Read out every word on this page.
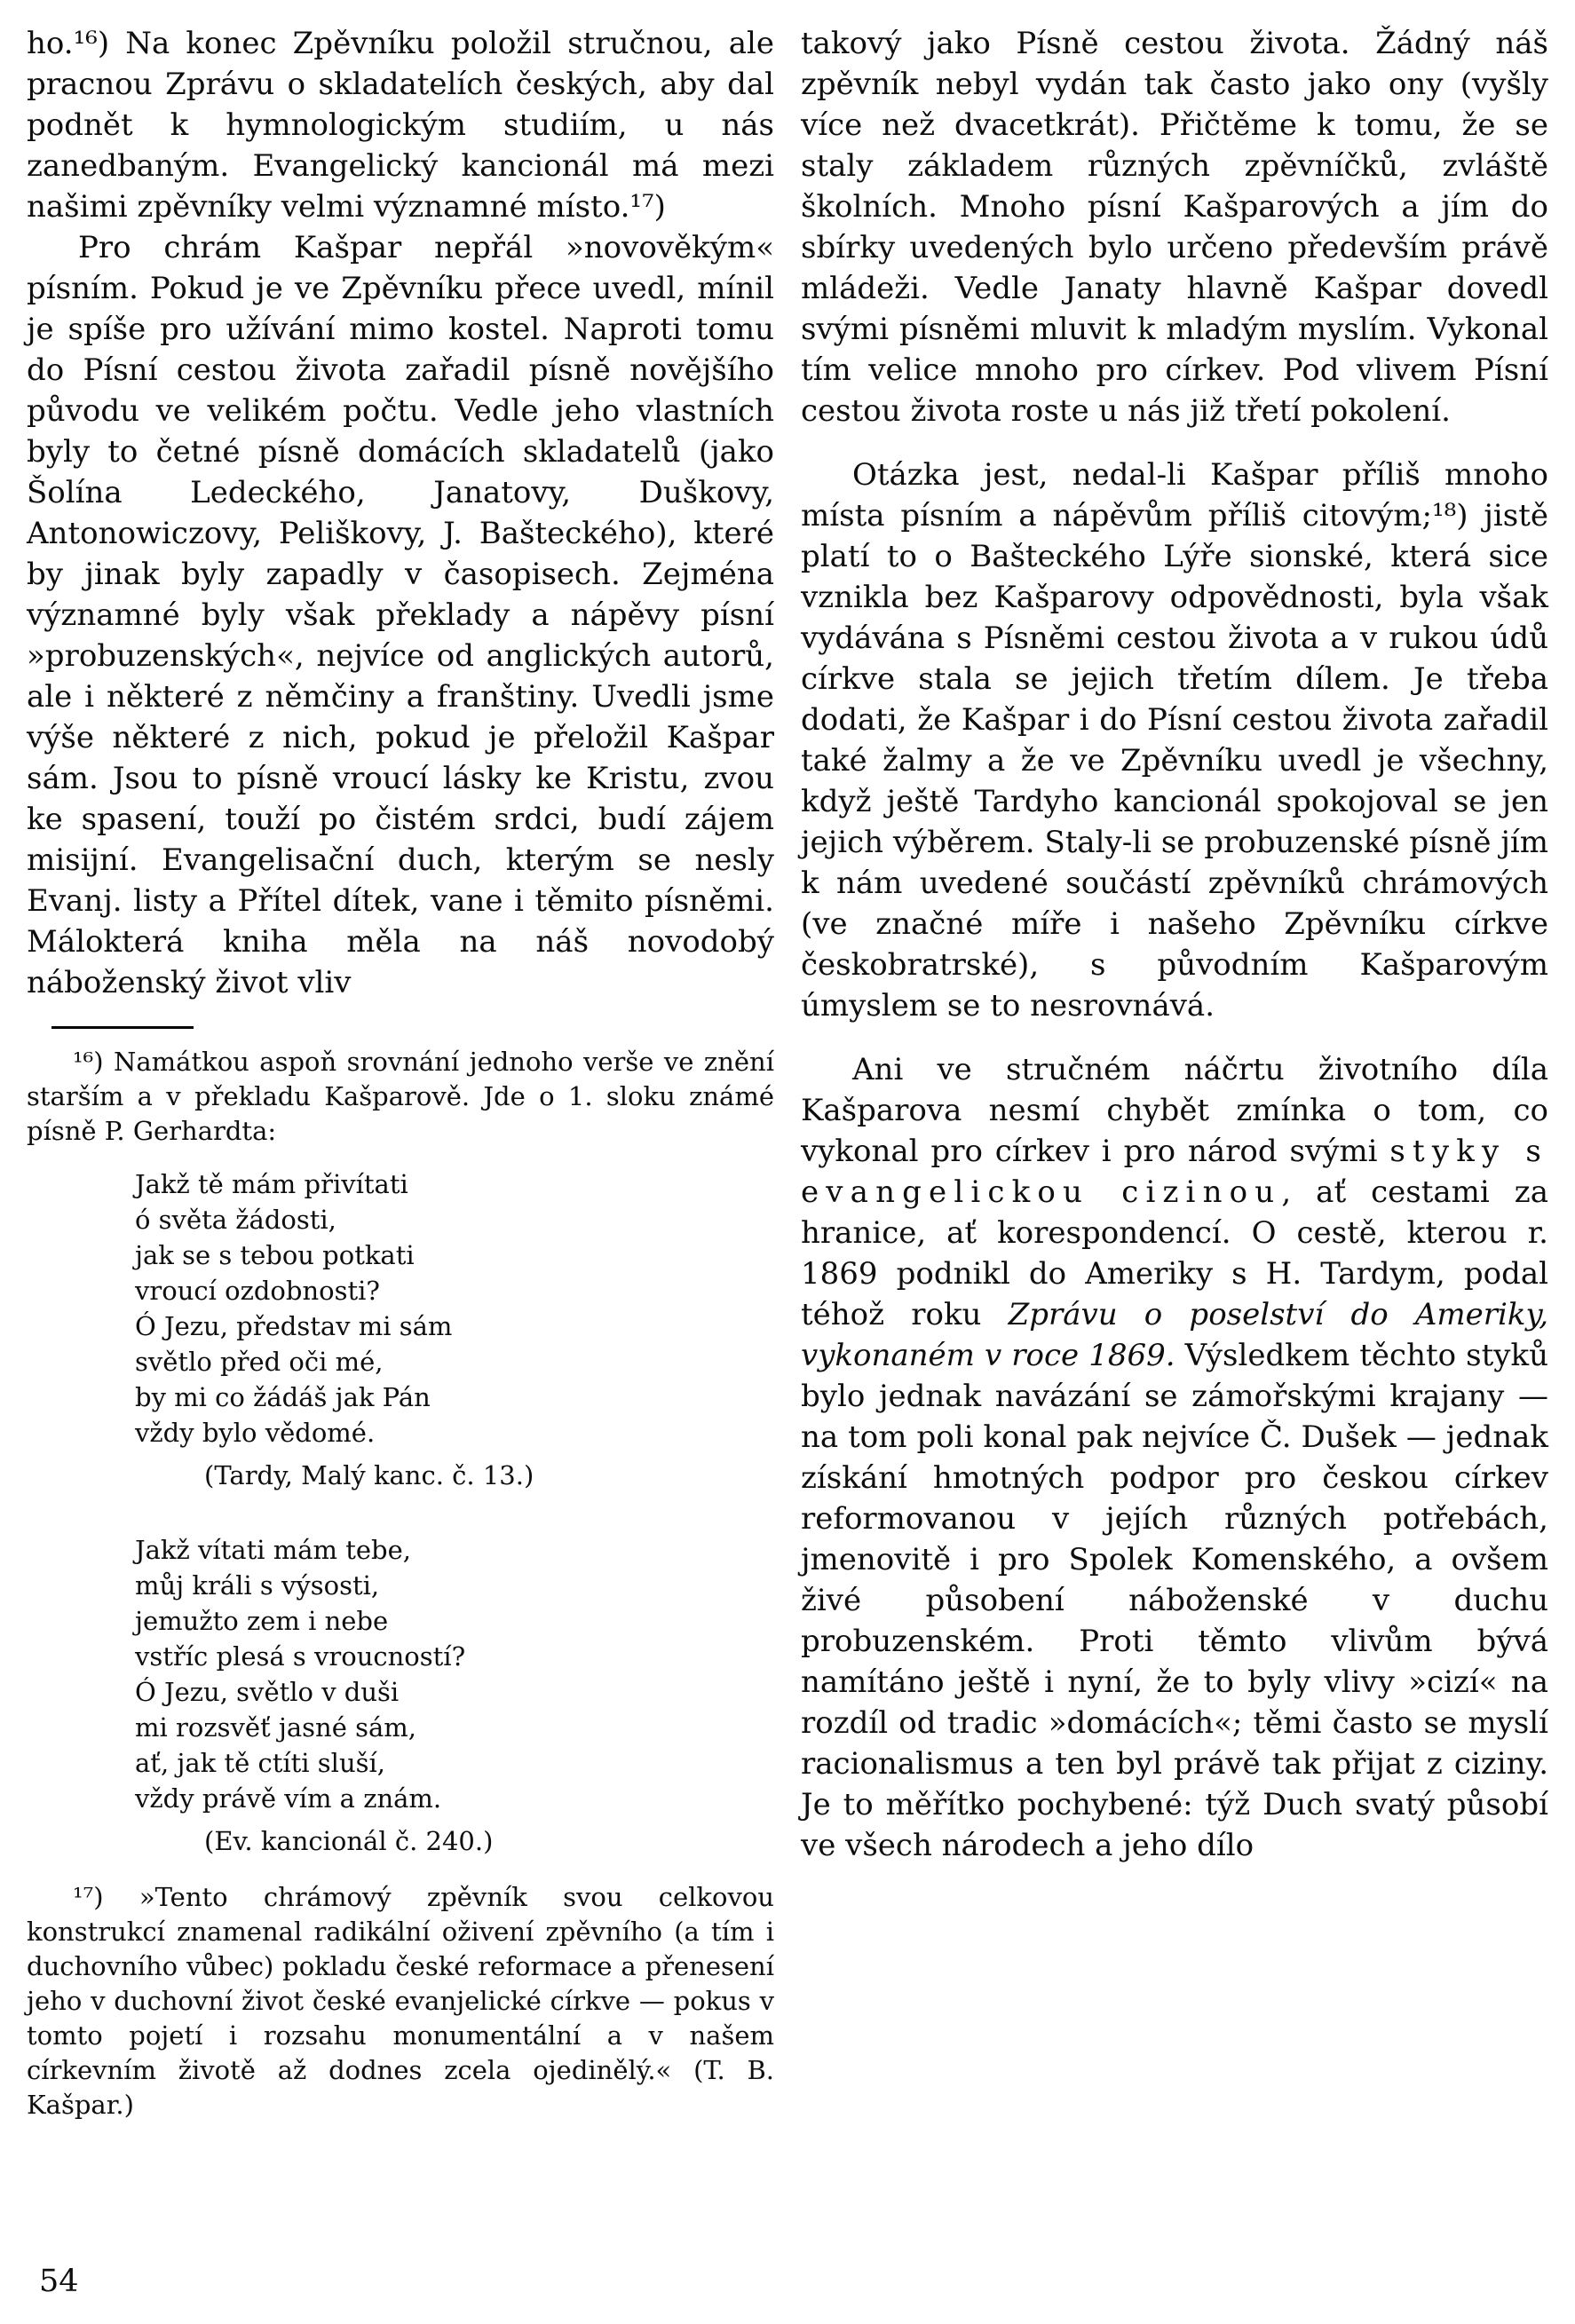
ho.¹⁶) Na konec Zpěvníku položil stručnou, ale pracnou Zprávu o skladatelích českých, aby dal podnět k hymnologickým studiím, u nás zanedbaným. Evangelický kancionál má mezi našimi zpěvníky velmi významné místo.¹⁷)

Pro chrám Kašpar nepřál »novověkým« písním. Pokud je ve Zpěvníku přece uvedl, mínil je spíše pro užívání mimo kostel. Naproti tomu do Písní cestou života zařadil písně novějšího původu ve velikém počtu. Vedle jeho vlastních byly to četné písně domácích skladatelů (jako Šolína Ledeckého, Janatovy, Duškovy, Antonowiczovy, Peliškovy, J. Bašteckého), které by jinak byly zapadly v časopisech. Zejména významné byly však překlady a nápěvy písní »probuzenských«, nejvíce od anglických autorů, ale i některé z němčiny a franštiny. Uvedli jsme výše některé z nich, pokud je přeložil Kašpar sám. Jsou to písně vroucí lásky ke Kristu, zvou ke spasení, touží po čistém srdci, budí zájem misijní. Evangelisační duch, kterým se nesly Evanj. listy a Přítel dítek, vane i těmito písněmi. Málokterá kniha měla na náš novodobý náboženský život vliv

¹⁶) Namátkou aspoň srovnání jednoho verše ve znění starším a v překladu Kašparově. Jde o 1. sloku známé písně P. Gerhardta:

Jakž tě mám přivítati
ó světa žádosti,
jak se s tebou potkati
vroucí ozdobnosti?
Ó Jezu, představ mi sám
světlo před oči mé,
by mi co žádáš jak Pán
vždy bylo vědomé.
(Tardy, Malý kanc. č. 13.)
Jakž vítati mám tebe,
můj králi s výsosti,
jemužto zem i nebe
vstříc plesá s vroucností?
Ó Jezu, světlo v duši
mi rozsvěť jasné sám,
ať, jak tě ctíti sluší,
vždy právě vím a znám.
(Ev. kancionál č. 240.)

¹⁷) »Tento chrámový zpěvník svou celkovou konstrukcí znamenal radikální oživení zpěvního (a tím i duchovního vůbec) pokladu české reformace a přenesení jeho v duchovní život české evanjelické církve — pokus v tomto pojetí i rozsahu monumentální a v našem církevním životě až dodnes zcela ojedinělý.« (T. B. Kašpar.)

54

takový jako Písně cestou života. Žádný náš zpěvník nebyl vydán tak často jako ony (vyšly více než dvacetkrát). Přičtěme k tomu, že se staly základem různých zpěvníčků, zvláště školních. Mnoho písní Kašparových a jím do sbírky uvedených bylo určeno především právě mládeži. Vedle Janaty hlavně Kašpar dovedl svými písněmi mluvit k mladým myslím. Vykonal tím velice mnoho pro církev. Pod vlivem Písní cestou života roste u nás již třetí pokolení.

Otázka jest, nedal-li Kašpar příliš mnoho místa písním a nápěvům příliš citovým;¹⁸) jistě platí to o Bašteckého Lýře sionské, která sice vznikla bez Kašparovy odpovědnosti, byla však vydávána s Písněmi cestou života a v rukou údů církve stala se jejich třetím dílem. Je třeba dodati, že Kašpar i do Písní cestou života zařadil také žalmy a že ve Zpěvníku uvedl je všechny, když ještě Tardyho kancionál spokojoval se jen jejich výběrem. Staly-li se probuzenské písně jím k nám uvedené součástí zpěvníků chrámových (ve značné míře i našeho Zpěvníku církve českobratrské), s původním Kašparovým úmyslem se to nesrovnává.

Ani ve stručném náčrtu životního díla Kašparova nesmí chybět zmínka o tom, co vykonal pro církev i pro národ svými styky s evangelickou cizinou, ať cestami za hranice, ať korespondencí. O cestě, kterou r. 1869 podnikl do Ameriky s H. Tardym, podal téhož roku Zprávu o poselství do Ameriky, vykonaném v roce 1869. Výsledkem těchto styků bylo jednak navázání se zámořskými krajany — na tom poli konal pak nejvíce Č. Dušek — jednak získání hmotných podpor pro českou církev reformovanou v jejích různých potřebách, jmenovitě i pro Spolek Komenského, a ovšem živé působení náboženské v duchu probuzenském. Proti těmto vlivům bývá namítáno ještě i nyní, že to byly vlivy »cizí« na rozdíl od tradic »domácích«; těmi často se myslí racionalismus a ten byl právě tak přijat z ciziny. Je to měřítko pochybené: týž Duch svatý působí ve všech národech a jeho dílo
